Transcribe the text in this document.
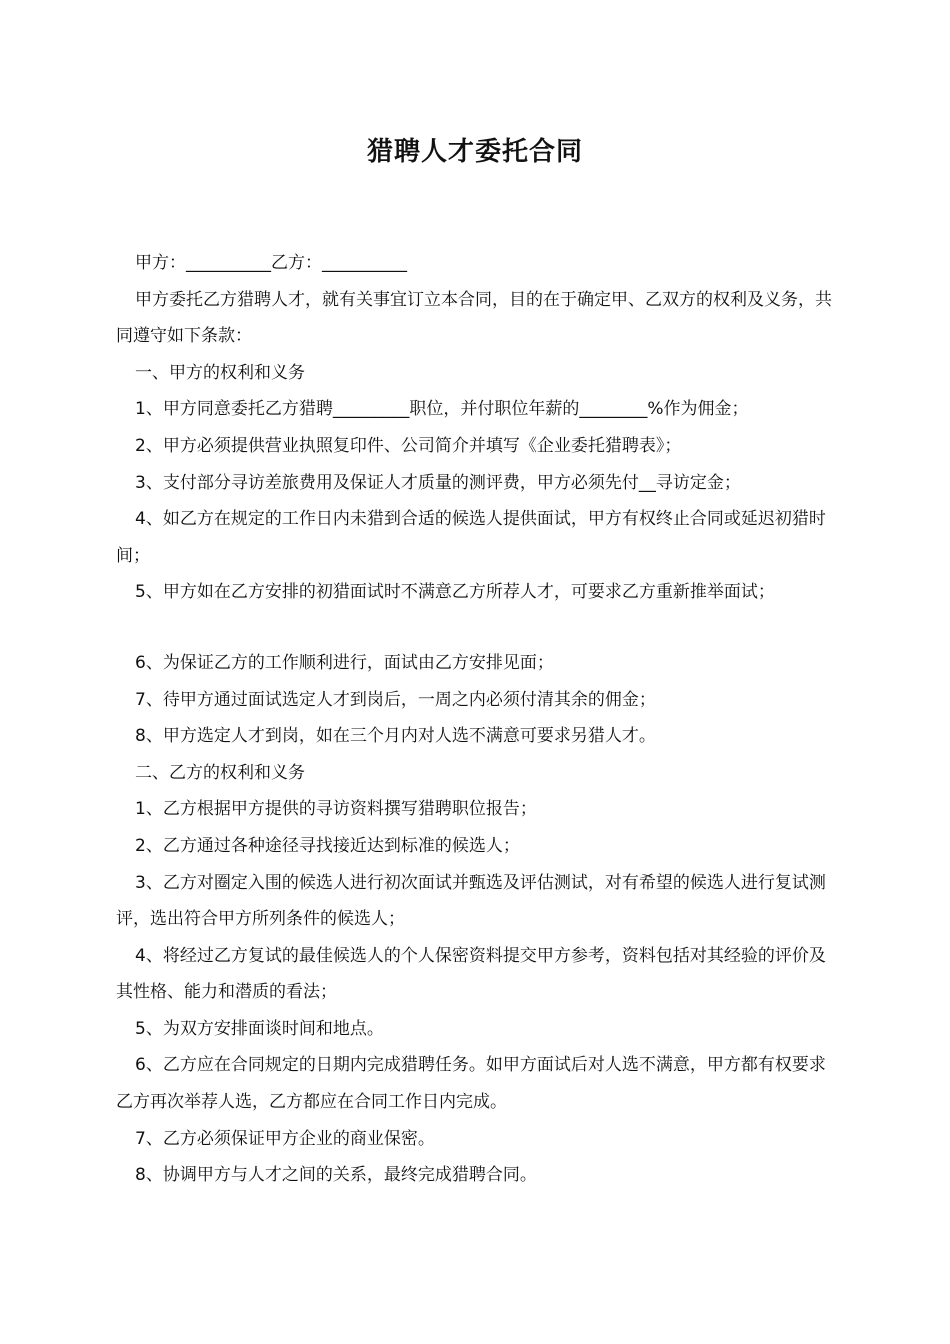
猎聘人才委托合同

甲方：__________乙方：__________

甲方委托乙方猎聘人才，就有关事宜订立本合同，目的在于确定甲、乙双方的权利及义务，共同遵守如下条款：

一、甲方的权利和义务

1、甲方同意委托乙方猎聘_________职位，并付职位年薪的________%作为佣金；

2、甲方必须提供营业执照复印件、公司简介并填写《企业委托猎聘表》；

3、支付部分寻访差旅费用及保证人才质量的测评费，甲方必须先付__寻访定金；

4、如乙方在规定的工作日内未猎到合适的候选人提供面试，甲方有权终止合同或延迟初猎时间；

5、甲方如在乙方安排的初猎面试时不满意乙方所荐人才，可要求乙方重新推举面试；

6、为保证乙方的工作顺利进行，面试由乙方安排见面；

7、待甲方通过面试选定人才到岗后，一周之内必须付清其余的佣金；

8、甲方选定人才到岗，如在三个月内对人选不满意可要求另猎人才。

二、乙方的权利和义务

1、乙方根据甲方提供的寻访资料撰写猎聘职位报告；

2、乙方通过各种途径寻找接近达到标准的候选人；

3、乙方对圈定入围的候选人进行初次面试并甄选及评估测试，对有希望的候选人进行复试测评，选出符合甲方所列条件的候选人；

4、将经过乙方复试的最佳候选人的个人保密资料提交甲方参考，资料包括对其经验的评价及其性格、能力和潜质的看法；

5、为双方安排面谈时间和地点。

6、乙方应在合同规定的日期内完成猎聘任务。如甲方面试后对人选不满意，甲方都有权要求乙方再次举荐人选，乙方都应在合同工作日内完成。

7、乙方必须保证甲方企业的商业保密。

8、协调甲方与人才之间的关系，最终完成猎聘合同。
